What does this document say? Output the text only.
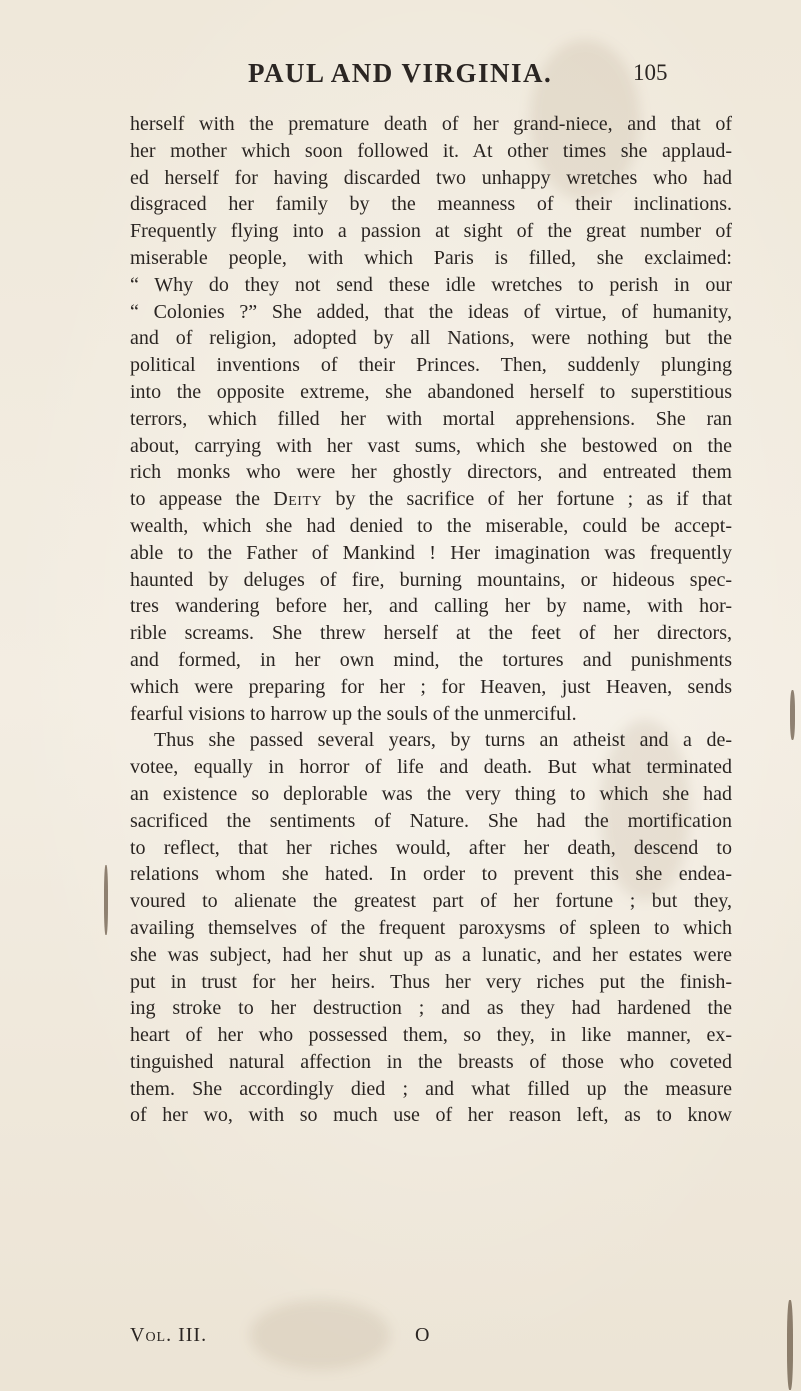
PAUL AND VIRGINIA.	105
herself with the premature death of her grand-niece, and that of
her mother which soon followed it. At other times she applaud-
ed herself for having discarded two unhappy wretches who had
disgraced her family by the meanness of their inclinations.
Frequently flying into a passion at sight of the great number of
miserable people, with which Paris is filled, she exclaimed:
“ Why do they not send these idle wretches to perish in our
“ Colonies ?” She added, that the ideas of virtue, of humanity,
and of religion, adopted by all Nations, were nothing but the
political inventions of their Princes. Then, suddenly plunging
into the opposite extreme, she abandoned herself to superstitious
terrors, which filled her with mortal apprehensions. She ran
about, carrying with her vast sums, which she bestowed on the
rich monks who were her ghostly directors, and entreated them
to appease the Deity by the sacrifice of her fortune ; as if that
wealth, which she had denied to the miserable, could be accept-
able to the Father of Mankind ! Her imagination was frequently
haunted by deluges of fire, burning mountains, or hideous spec-
tres wandering before her, and calling her by name, with hor-
rible screams. She threw herself at the feet of her directors,
and formed, in her own mind, the tortures and punishments
which were preparing for her ; for Heaven, just Heaven, sends
fearful visions to harrow up the souls of the unmerciful.
Thus she passed several years, by turns an atheist and a de-
votee, equally in horror of life and death. But what terminated
an existence so deplorable was the very thing to which she had
sacrificed the sentiments of Nature. She had the mortification
to reflect, that her riches would, after her death, descend to
relations whom she hated. In order to prevent this she endea-
voured to alienate the greatest part of her fortune ; but they,
availing themselves of the frequent paroxysms of spleen to which
she was subject, had her shut up as a lunatic, and her estates were
put in trust for her heirs. Thus her very riches put the finish-
ing stroke to her destruction ; and as they had hardened the
heart of her who possessed them, so they, in like manner, ex-
tinguished natural affection in the breasts of those who coveted
them. She accordingly died ; and what filled up the measure
of her wo, with so much use of her reason left, as to know
Vol. III.	O
